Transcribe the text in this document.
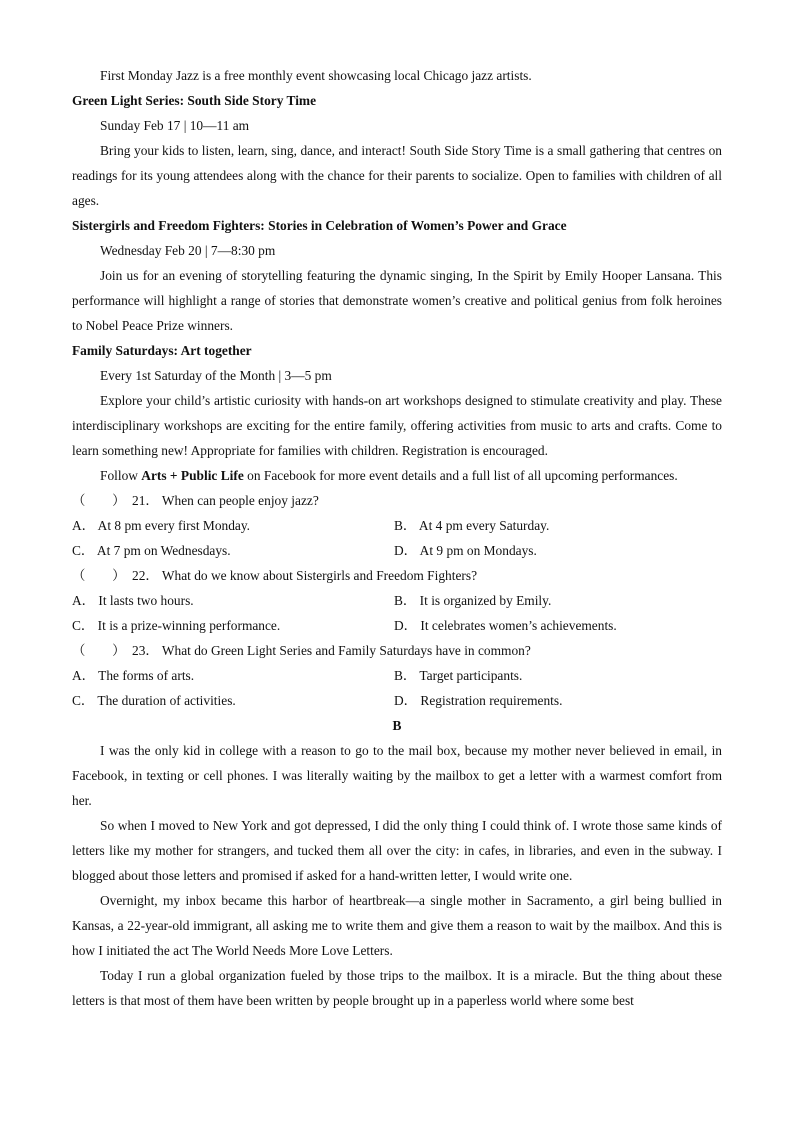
First Monday Jazz is a free monthly event showcasing local Chicago jazz artists.

Green Light Series: South Side Story Time

Sunday Feb 17 | 10—11 am

Bring your kids to listen, learn, sing, dance, and interact! South Side Story Time is a small gathering that centres on readings for its young attendees along with the chance for their parents to socialize. Open to families with children of all ages.

Sistergirls and Freedom Fighters: Stories in Celebration of Women’s Power and Grace

Wednesday Feb 20 | 7—8:30 pm

Join us for an evening of storytelling featuring the dynamic singing, In the Spirit by Emily Hooper Lansana. This performance will highlight a range of stories that demonstrate women’s creative and political genius from folk heroines to Nobel Peace Prize winners.

Family Saturdays: Art together

Every 1st Saturday of the Month | 3—5 pm

Explore your child’s artistic curiosity with hands-on art workshops designed to stimulate creativity and play. These interdisciplinary workshops are exciting for the entire family, offering activities from music to arts and crafts. Come to learn something new! Appropriate for families with children. Registration is encouraged.

Follow Arts + Public Life on Facebook for more event details and a full list of all upcoming performances.

（　　） 21． When can people enjoy jazz?

A． At 8 pm every first Monday.	B． At 4 pm every Saturday.
C． At 7 pm on Wednesdays.	D． At 9 pm on Mondays.

（　　） 22． What do we know about Sistergirls and Freedom Fighters?

A． It lasts two hours.	B． It is organized by Emily.
C． It is a prize-winning performance.	D． It celebrates women’s achievements.

（　　） 23． What do Green Light Series and Family Saturdays have in common?

A． The forms of arts.	B． Target participants.
C． The duration of activities.	D． Registration requirements.

B

I was the only kid in college with a reason to go to the mail box, because my mother never believed in email, in Facebook, in texting or cell phones. I was literally waiting by the mailbox to get a letter with a warmest comfort from her.

So when I moved to New York and got depressed, I did the only thing I could think of. I wrote those same kinds of letters like my mother for strangers, and tucked them all over the city: in cafes, in libraries, and even in the subway. I blogged about those letters and promised if asked for a hand-written letter, I would write one.

Overnight, my inbox became this harbor of heartbreak—a single mother in Sacramento, a girl being bullied in Kansas, a 22-year-old immigrant, all asking me to write them and give them a reason to wait by the mailbox. And this is how I initiated the act The World Needs More Love Letters.

Today I run a global organization fueled by those trips to the mailbox. It is a miracle. But the thing about these letters is that most of them have been written by people brought up in a paperless world where some best
